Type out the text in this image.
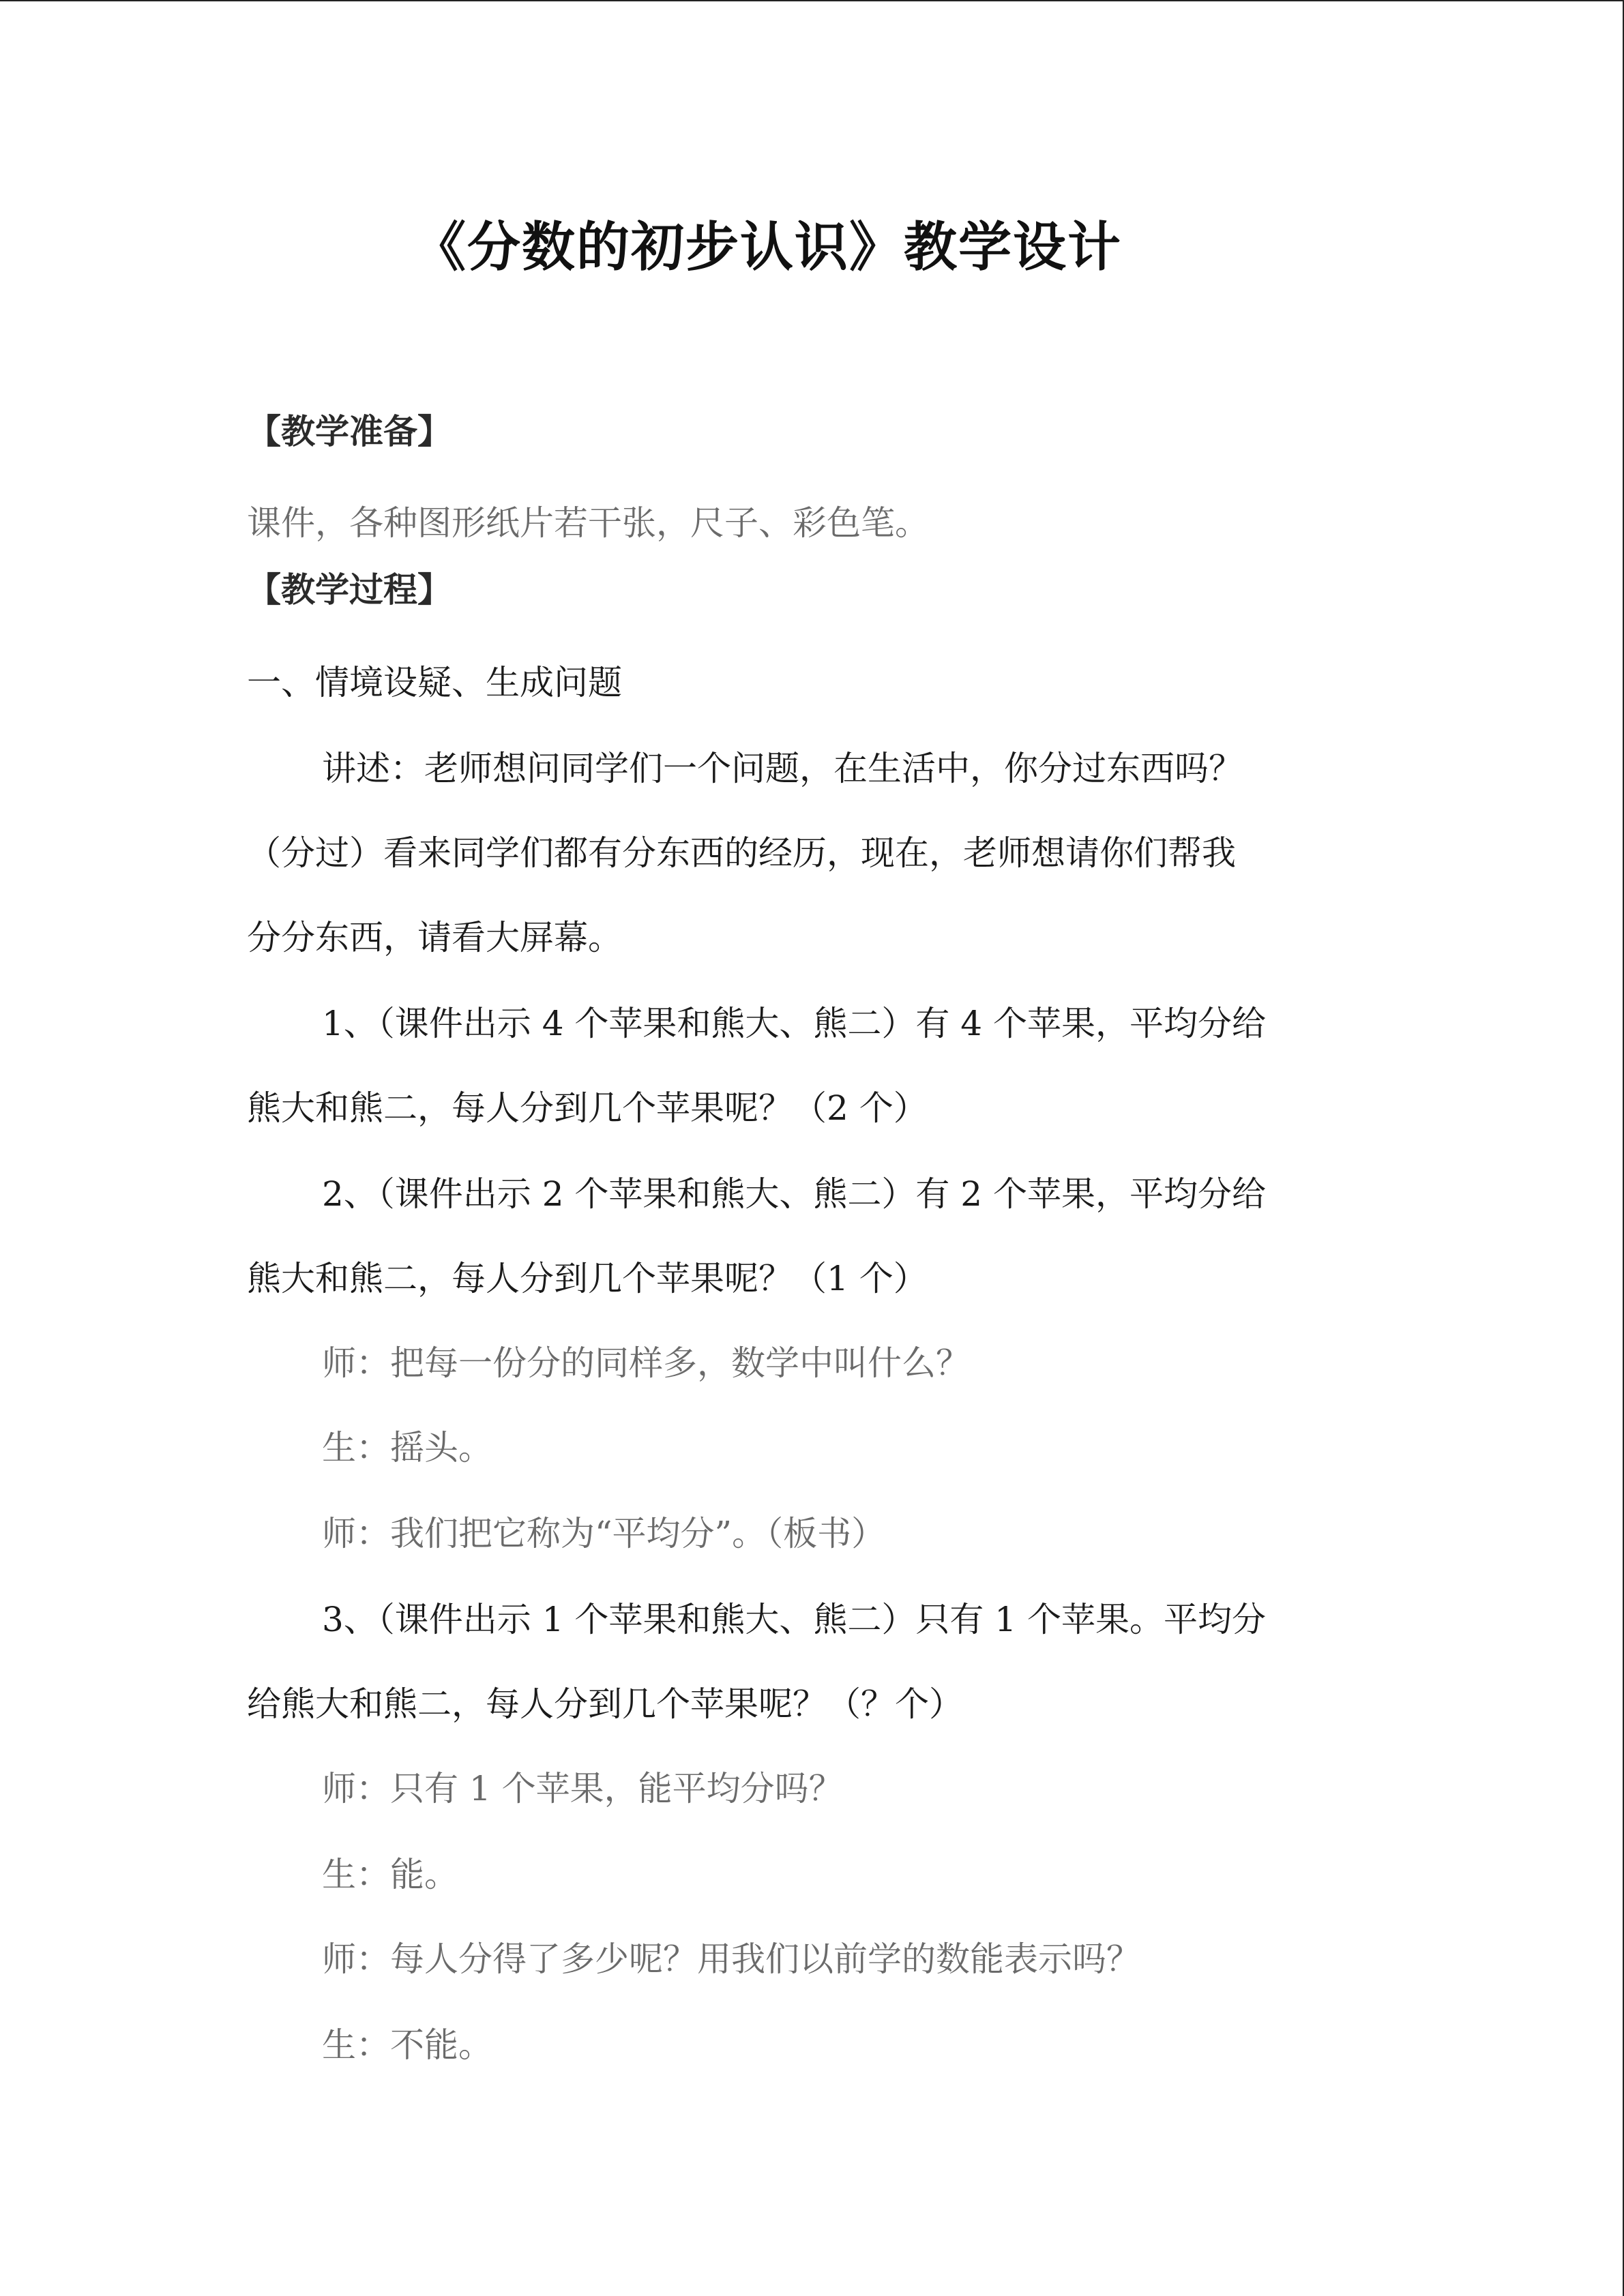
《分数的初步认识》教学设计
【教学准备】
课件，各种图形纸片若干张，尺子、彩色笔。
【教学过程】
一、情境设疑、生成问题
讲述：老师想问同学们一个问题，在生活中，你分过东西吗？
（分过）看来同学们都有分东西的经历，现在，老师想请你们帮我
分分东西，请看大屏幕。
1、（课件出示 4 个苹果和熊大、熊二）有 4 个苹果，平均分给
熊大和熊二，每人分到几个苹果呢？（2 个）
2、（课件出示 2 个苹果和熊大、熊二）有 2 个苹果，平均分给
熊大和熊二，每人分到几个苹果呢？（1 个）
师：把每一份分的同样多，数学中叫什么？
生：摇头。
师：我们把它称为“平均分”。（板书）
3、（课件出示 1 个苹果和熊大、熊二）只有 1 个苹果。平均分
给熊大和熊二，每人分到几个苹果呢？（？个）
师：只有 1 个苹果，能平均分吗？
生：能。
师：每人分得了多少呢？用我们以前学的数能表示吗？
生：不能。
